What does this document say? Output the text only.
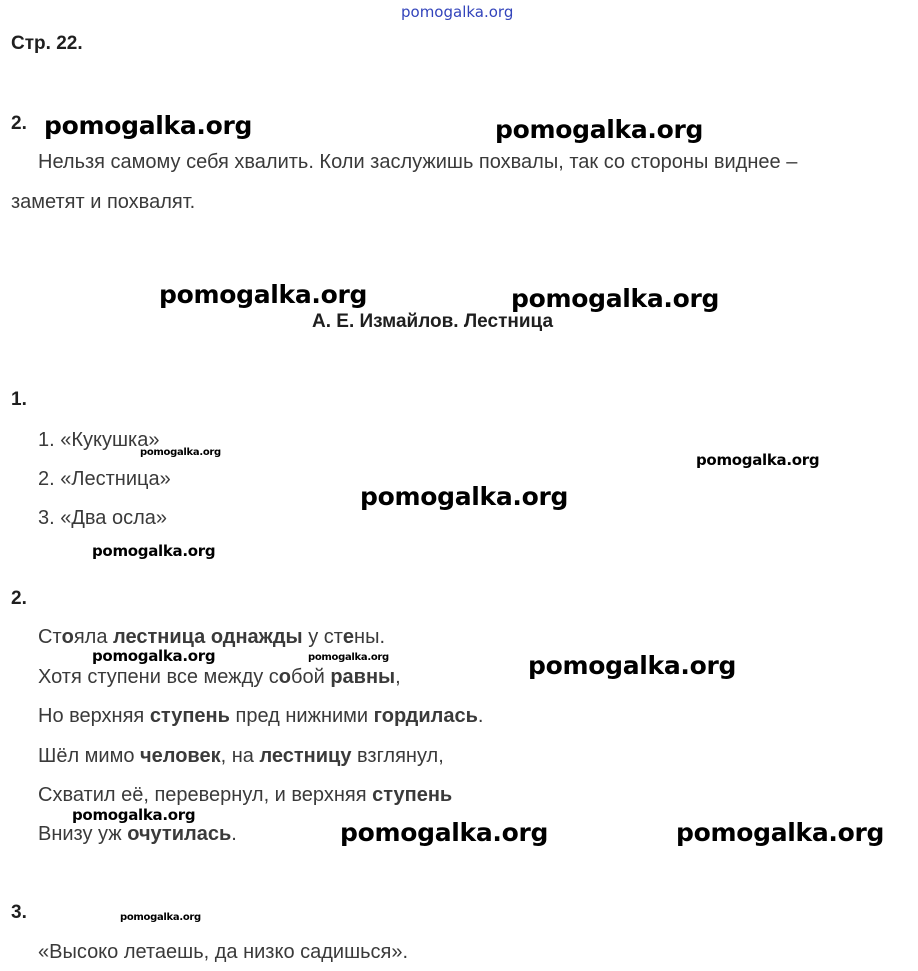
pomogalka.org
Стр. 22.
2.
Нельзя самому себя хвалить. Коли заслужишь похвалы, так со стороны виднее –
заметят и похвалят.
А. Е. Измайлов. Лестница
1.
1. «Кукушка»
2. «Лестница»
3. «Два осла»
2.
Стояла лестница однажды у стены.
Хотя ступени все между собой равны,
Но верхняя ступень пред нижними гордилась.
Шёл мимо человек, на лестницу взглянул,
Схватил её, перевернул, и верхняя ступень
Внизу уж очутилась.
3.
«Высоко летаешь, да низко садишься».
pomogalka.org	pomogalka.org
pomogalka.org	pomogalka.org
pomogalka.org	pomogalka.org
pomogalka.org
pomogalka.org
pomogalka.org	pomogalka.org	pomogalka.org
pomogalka.org
pomogalka.org	pomogalka.org
pomogalka.org
